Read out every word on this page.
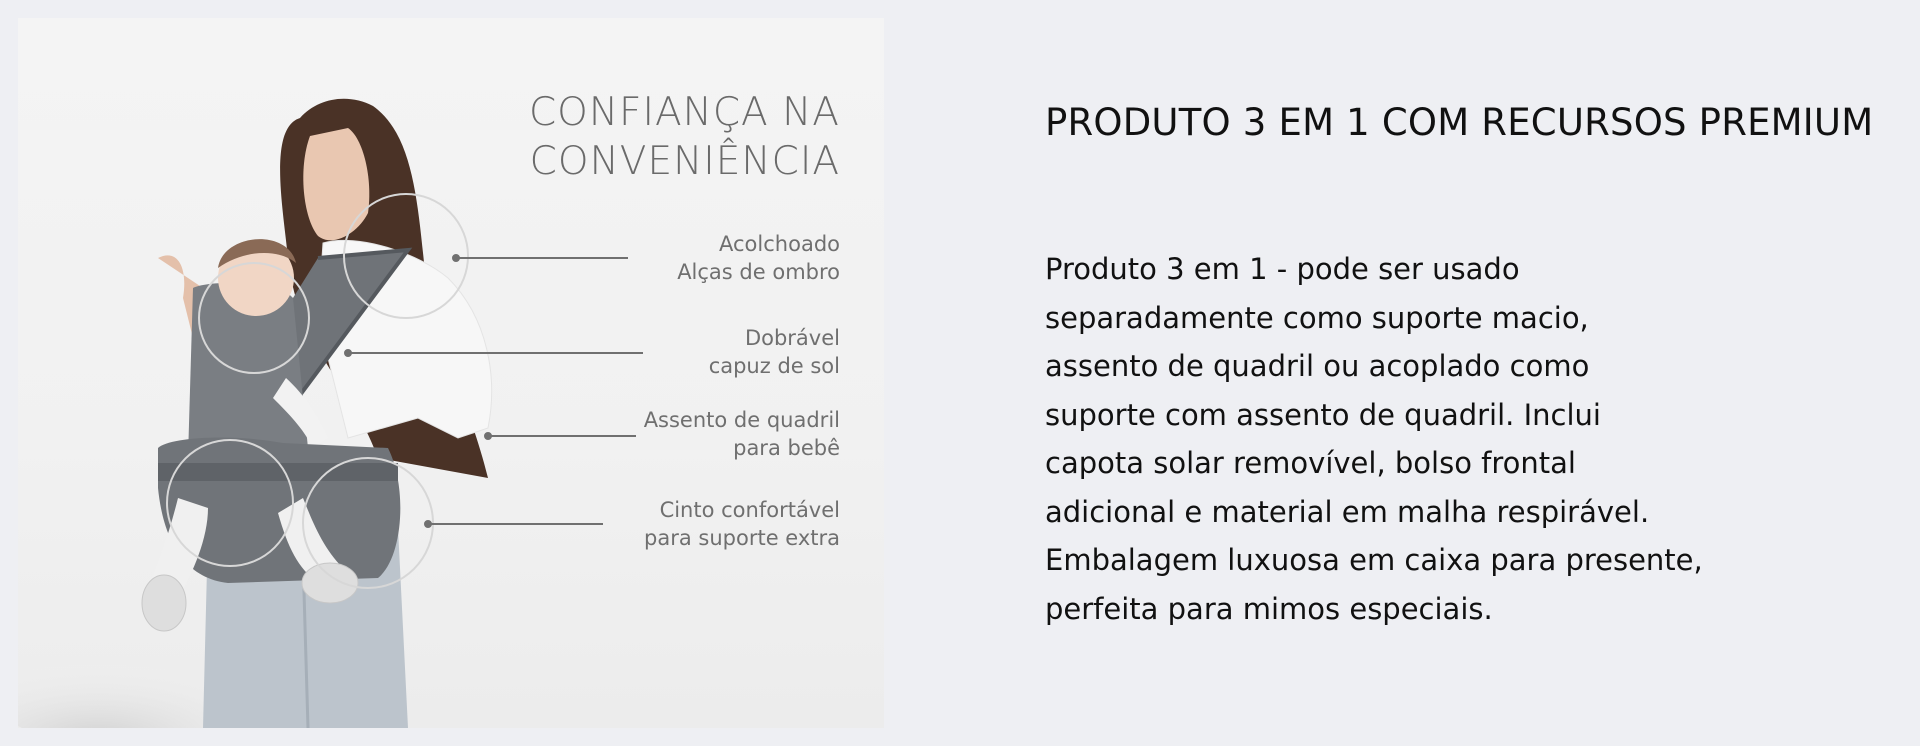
CONFIANÇA NA
CONVENIÊNCIA
Acolchoado
Alças de ombro
Dobrável
capuz de sol
Assento de quadril
para bebê
Cinto confortável
para suporte extra
PRODUTO 3 EM 1 COM RECURSOS PREMIUM
Produto 3 em 1 - pode ser usado
separadamente como suporte macio,
assento de quadril ou acoplado como
suporte com assento de quadril. Inclui
capota solar removível, bolso frontal
adicional e material em malha respirável.
Embalagem luxuosa em caixa para presente,
perfeita para mimos especiais.
